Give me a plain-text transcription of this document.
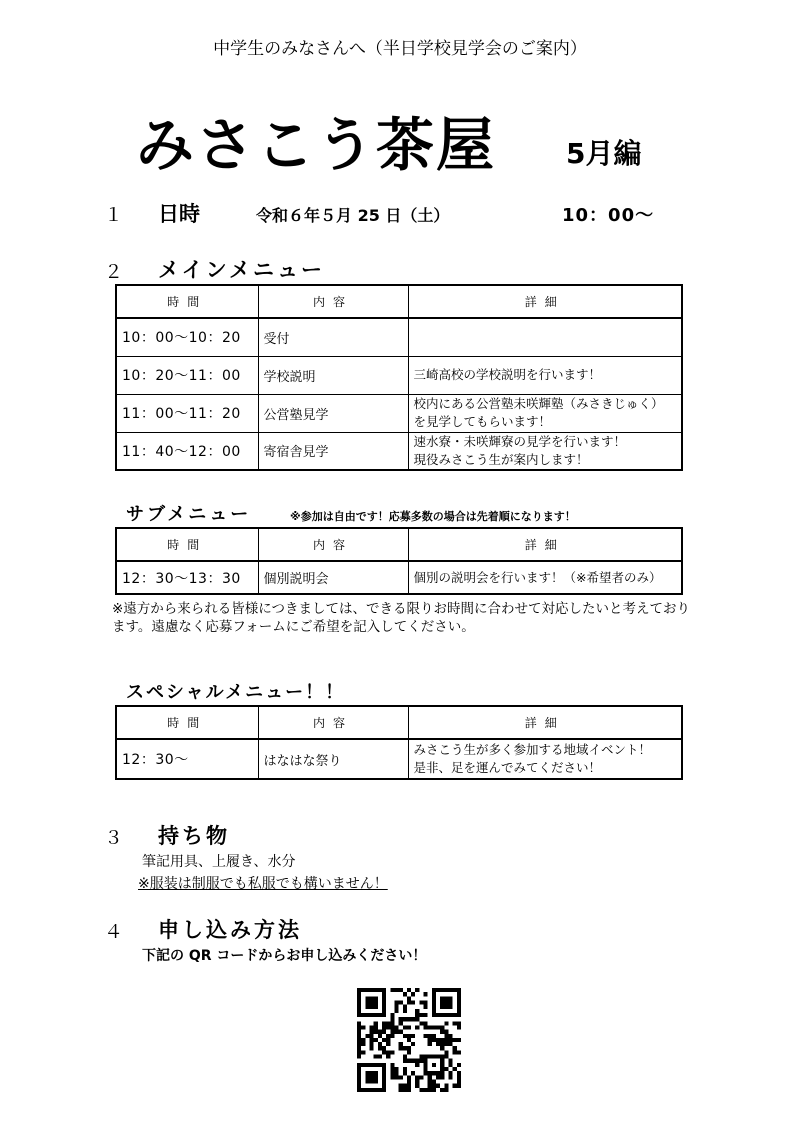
中学生のみなさんへ（半日学校見学会のご案内）
みさこう茶屋 5月編
１ 日時	令和６年５月 25 日（土）	10：00～
２ メインメニュー
時間	内容	詳細
10：00～10：20	受付	

10：20～11：00	学校説明	三崎高校の学校説明を行います！

11：00～11：20	公営塾見学	校内にある公営塾未咲輝塾（みさきじゅく）
を見学してもらいます！

11：40～12：00	寄宿舎見学	速水寮・未咲輝寮の見学を行います！
現役みさこう生が案内します！
サブメニュー	※参加は自由です！応募多数の場合は先着順になります！
時間	内容	詳細
12：30～13：30	個別説明会	個別の説明会を行います！（※希望者のみ）
※遠方から来られる皆様につきましては、できる限りお時間に合わせて対応したいと考えております。遠慮なく応募フォームにご希望を記入してください。
スペシャルメニュー！！
時間	内容	詳細
12：30～	はなはな祭り	みさこう生が多く参加する地域イベント！
是非、足を運んでみてください！
３ 持ち物
筆記用具、上履き、水分
※服装は制服でも私服でも構いません！
４ 申し込み方法
下記の QR コードからお申し込みください！
